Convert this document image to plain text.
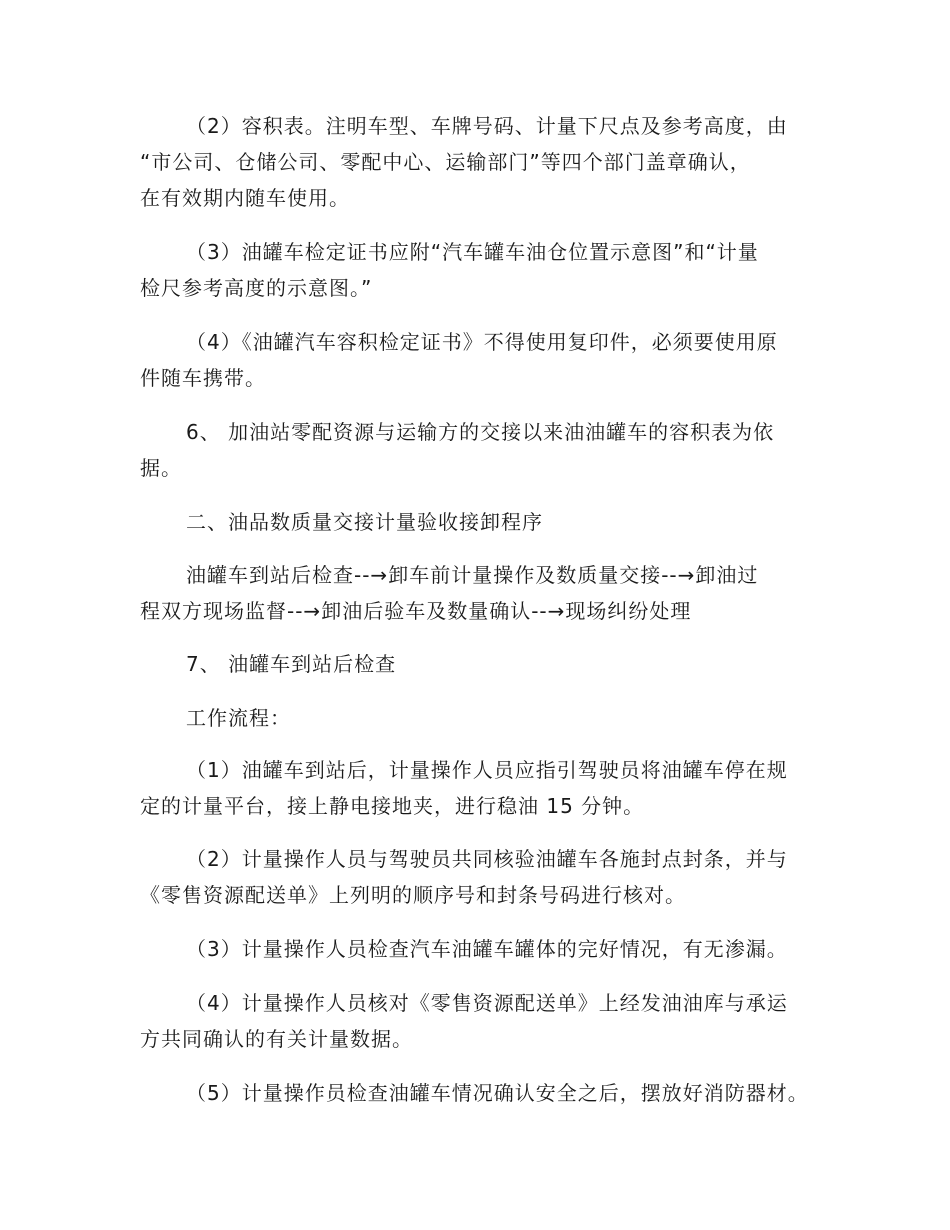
（2）容积表。注明车型、车牌号码、计量下尺点及参考高度，由
“市公司、仓储公司、零配中心、运输部门”等四个部门盖章确认，
在有效期内随车使用。
（3）油罐车检定证书应附“汽车罐车油仓位置示意图”和“计量
检尺参考高度的示意图。”
（4）《油罐汽车容积检定证书》不得使用复印件，必须要使用原
件随车携带。
6、 加油站零配资源与运输方的交接以来油油罐车的容积表为依
据。
二、油品数质量交接计量验收接卸程序
油罐车到站后检查--→卸车前计量操作及数质量交接--→卸油过
程双方现场监督--→卸油后验车及数量确认--→现场纠纷处理
7、 油罐车到站后检查
工作流程：
（1）油罐车到站后，计量操作人员应指引驾驶员将油罐车停在规
定的计量平台，接上静电接地夹，进行稳油 15 分钟。
（2）计量操作人员与驾驶员共同核验油罐车各施封点封条，并与
《零售资源配送单》上列明的顺序号和封条号码进行核对。
（3）计量操作人员检查汽车油罐车罐体的完好情况，有无渗漏。
（4）计量操作人员核对《零售资源配送单》上经发油油库与承运
方共同确认的有关计量数据。
（5）计量操作员检查油罐车情况确认安全之后，摆放好消防器材。
